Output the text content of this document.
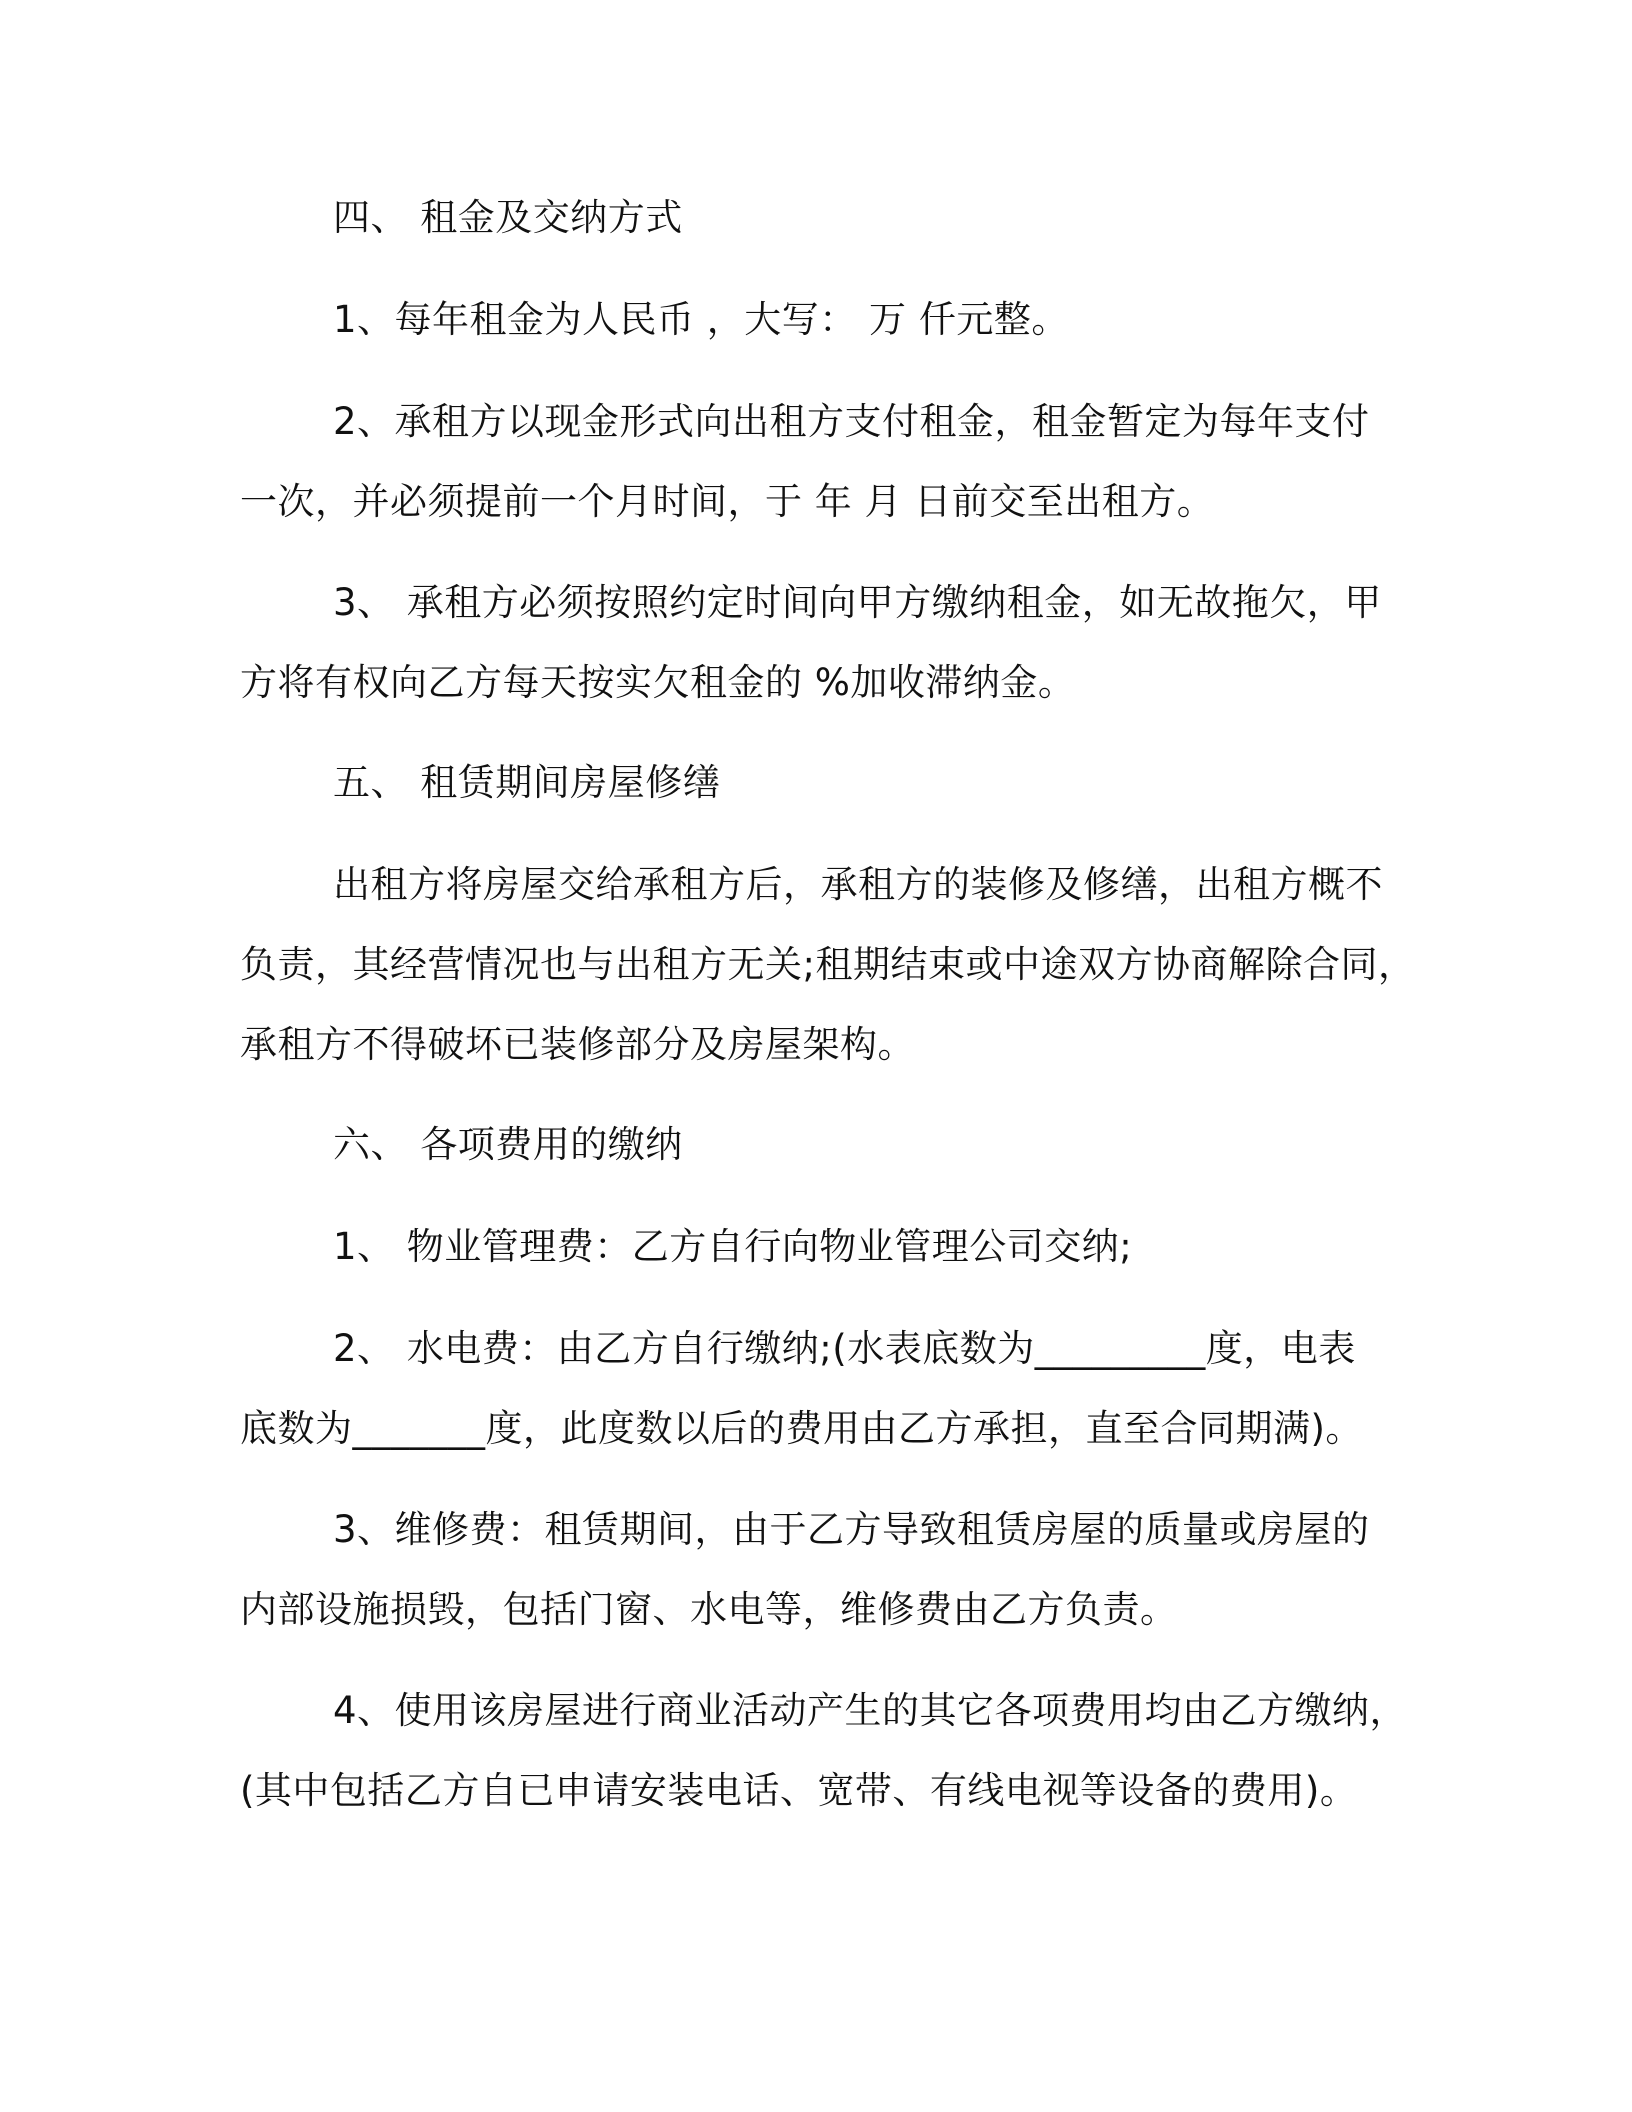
四、 租金及交纳方式
1、每年租金为人民币 ，大写： 万 仟元整。
2、承租方以现金形式向出租方支付租金，租金暂定为每年支付
一次，并必须提前一个月时间，于 年 月 日前交至出租方。
3、 承租方必须按照约定时间向甲方缴纳租金，如无故拖欠，甲
方将有权向乙方每天按实欠租金的 %加收滞纳金。
五、 租赁期间房屋修缮
出租方将房屋交给承租方后，承租方的装修及修缮，出租方概不
负责，其经营情况也与出租方无关;租期结束或中途双方协商解除合同，
承租方不得破坏已装修部分及房屋架构。
六、 各项费用的缴纳
1、 物业管理费：乙方自行向物业管理公司交纳;
2、 水电费：由乙方自行缴纳;(水表底数为_________度，电表
底数为_______度，此度数以后的费用由乙方承担，直至合同期满)。
3、维修费：租赁期间，由于乙方导致租赁房屋的质量或房屋的
内部设施损毁，包括门窗、水电等，维修费由乙方负责。
4、使用该房屋进行商业活动产生的其它各项费用均由乙方缴纳，
(其中包括乙方自已申请安装电话、宽带、有线电视等设备的费用)。
